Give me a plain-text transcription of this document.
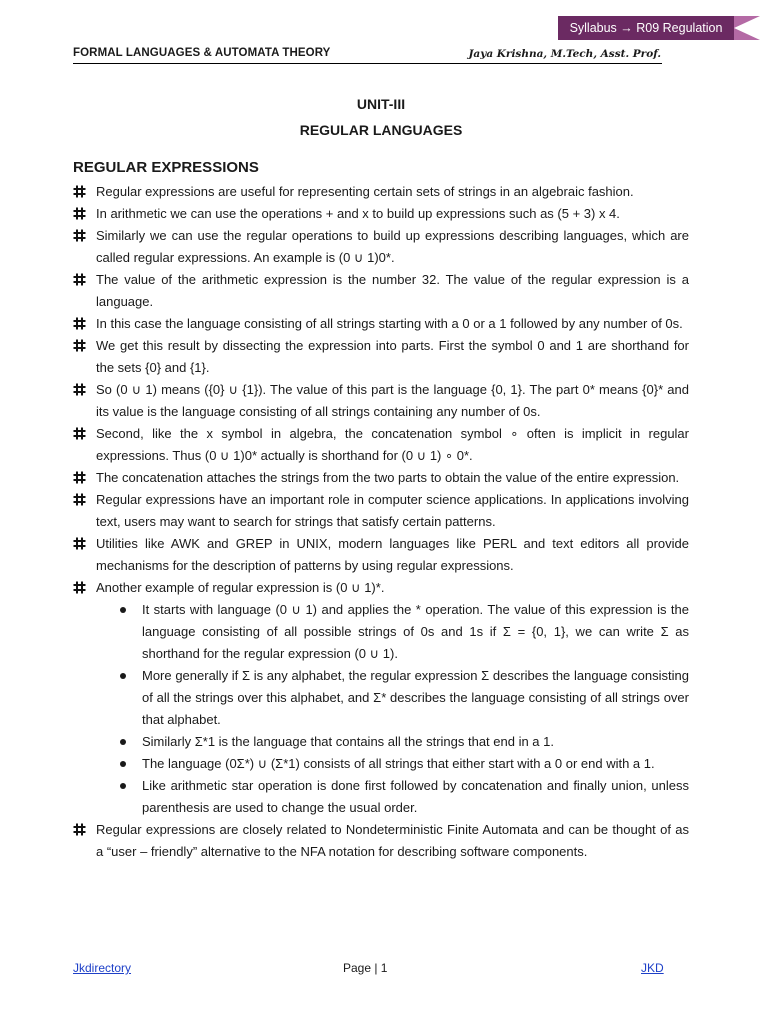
Syllabus → R09 Regulation
FORMAL LANGUAGES & AUTOMATA THEORY	Jaya Krishna, M.Tech, Asst. Prof.
UNIT-III
REGULAR LANGUAGES
REGULAR EXPRESSIONS
Regular expressions are useful for representing certain sets of strings in an algebraic fashion.
In arithmetic we can use the operations + and x to build up expressions such as (5 + 3) x 4.
Similarly we can use the regular operations to build up expressions describing languages, which are called regular expressions. An example is (0 ∪ 1)0*.
The value of the arithmetic expression is the number 32. The value of the regular expression is a language.
In this case the language consisting of all strings starting with a 0 or a 1 followed by any number of 0s.
We get this result by dissecting the expression into parts. First the symbol 0 and 1 are shorthand for the sets {0} and {1}.
So (0 ∪ 1) means ({0} ∪ {1}). The value of this part is the language {0, 1}. The part 0* means {0}* and its value is the language consisting of all strings containing any number of 0s.
Second, like the x symbol in algebra, the concatenation symbol ∘ often is implicit in regular expressions. Thus (0 ∪ 1)0* actually is shorthand for (0 ∪ 1) ∘ 0*.
The concatenation attaches the strings from the two parts to obtain the value of the entire expression.
Regular expressions have an important role in computer science applications. In applications involving text, users may want to search for strings that satisfy certain patterns.
Utilities like AWK and GREP in UNIX, modern languages like PERL and text editors all provide mechanisms for the description of patterns by using regular expressions.
Another example of regular expression is (0 ∪ 1)*.
It starts with language (0 ∪ 1) and applies the * operation. The value of this expression is the language consisting of all possible strings of 0s and 1s if Σ = {0, 1}, we can write Σ as shorthand for the regular expression (0 ∪ 1).
More generally if Σ is any alphabet, the regular expression Σ describes the language consisting of all the strings over this alphabet, and Σ* describes the language consisting of all strings over that alphabet.
Similarly Σ*1 is the language that contains all the strings that end in a 1.
The language (0Σ*) ∪ (Σ*1) consists of all strings that either start with a 0 or end with a 1.
Like arithmetic star operation is done first followed by concatenation and finally union, unless parenthesis are used to change the usual order.
Regular expressions are closely related to Nondeterministic Finite Automata and can be thought of as a “user – friendly” alternative to the NFA notation for describing software components.
Jkdirectory	Page | 1	JKD
